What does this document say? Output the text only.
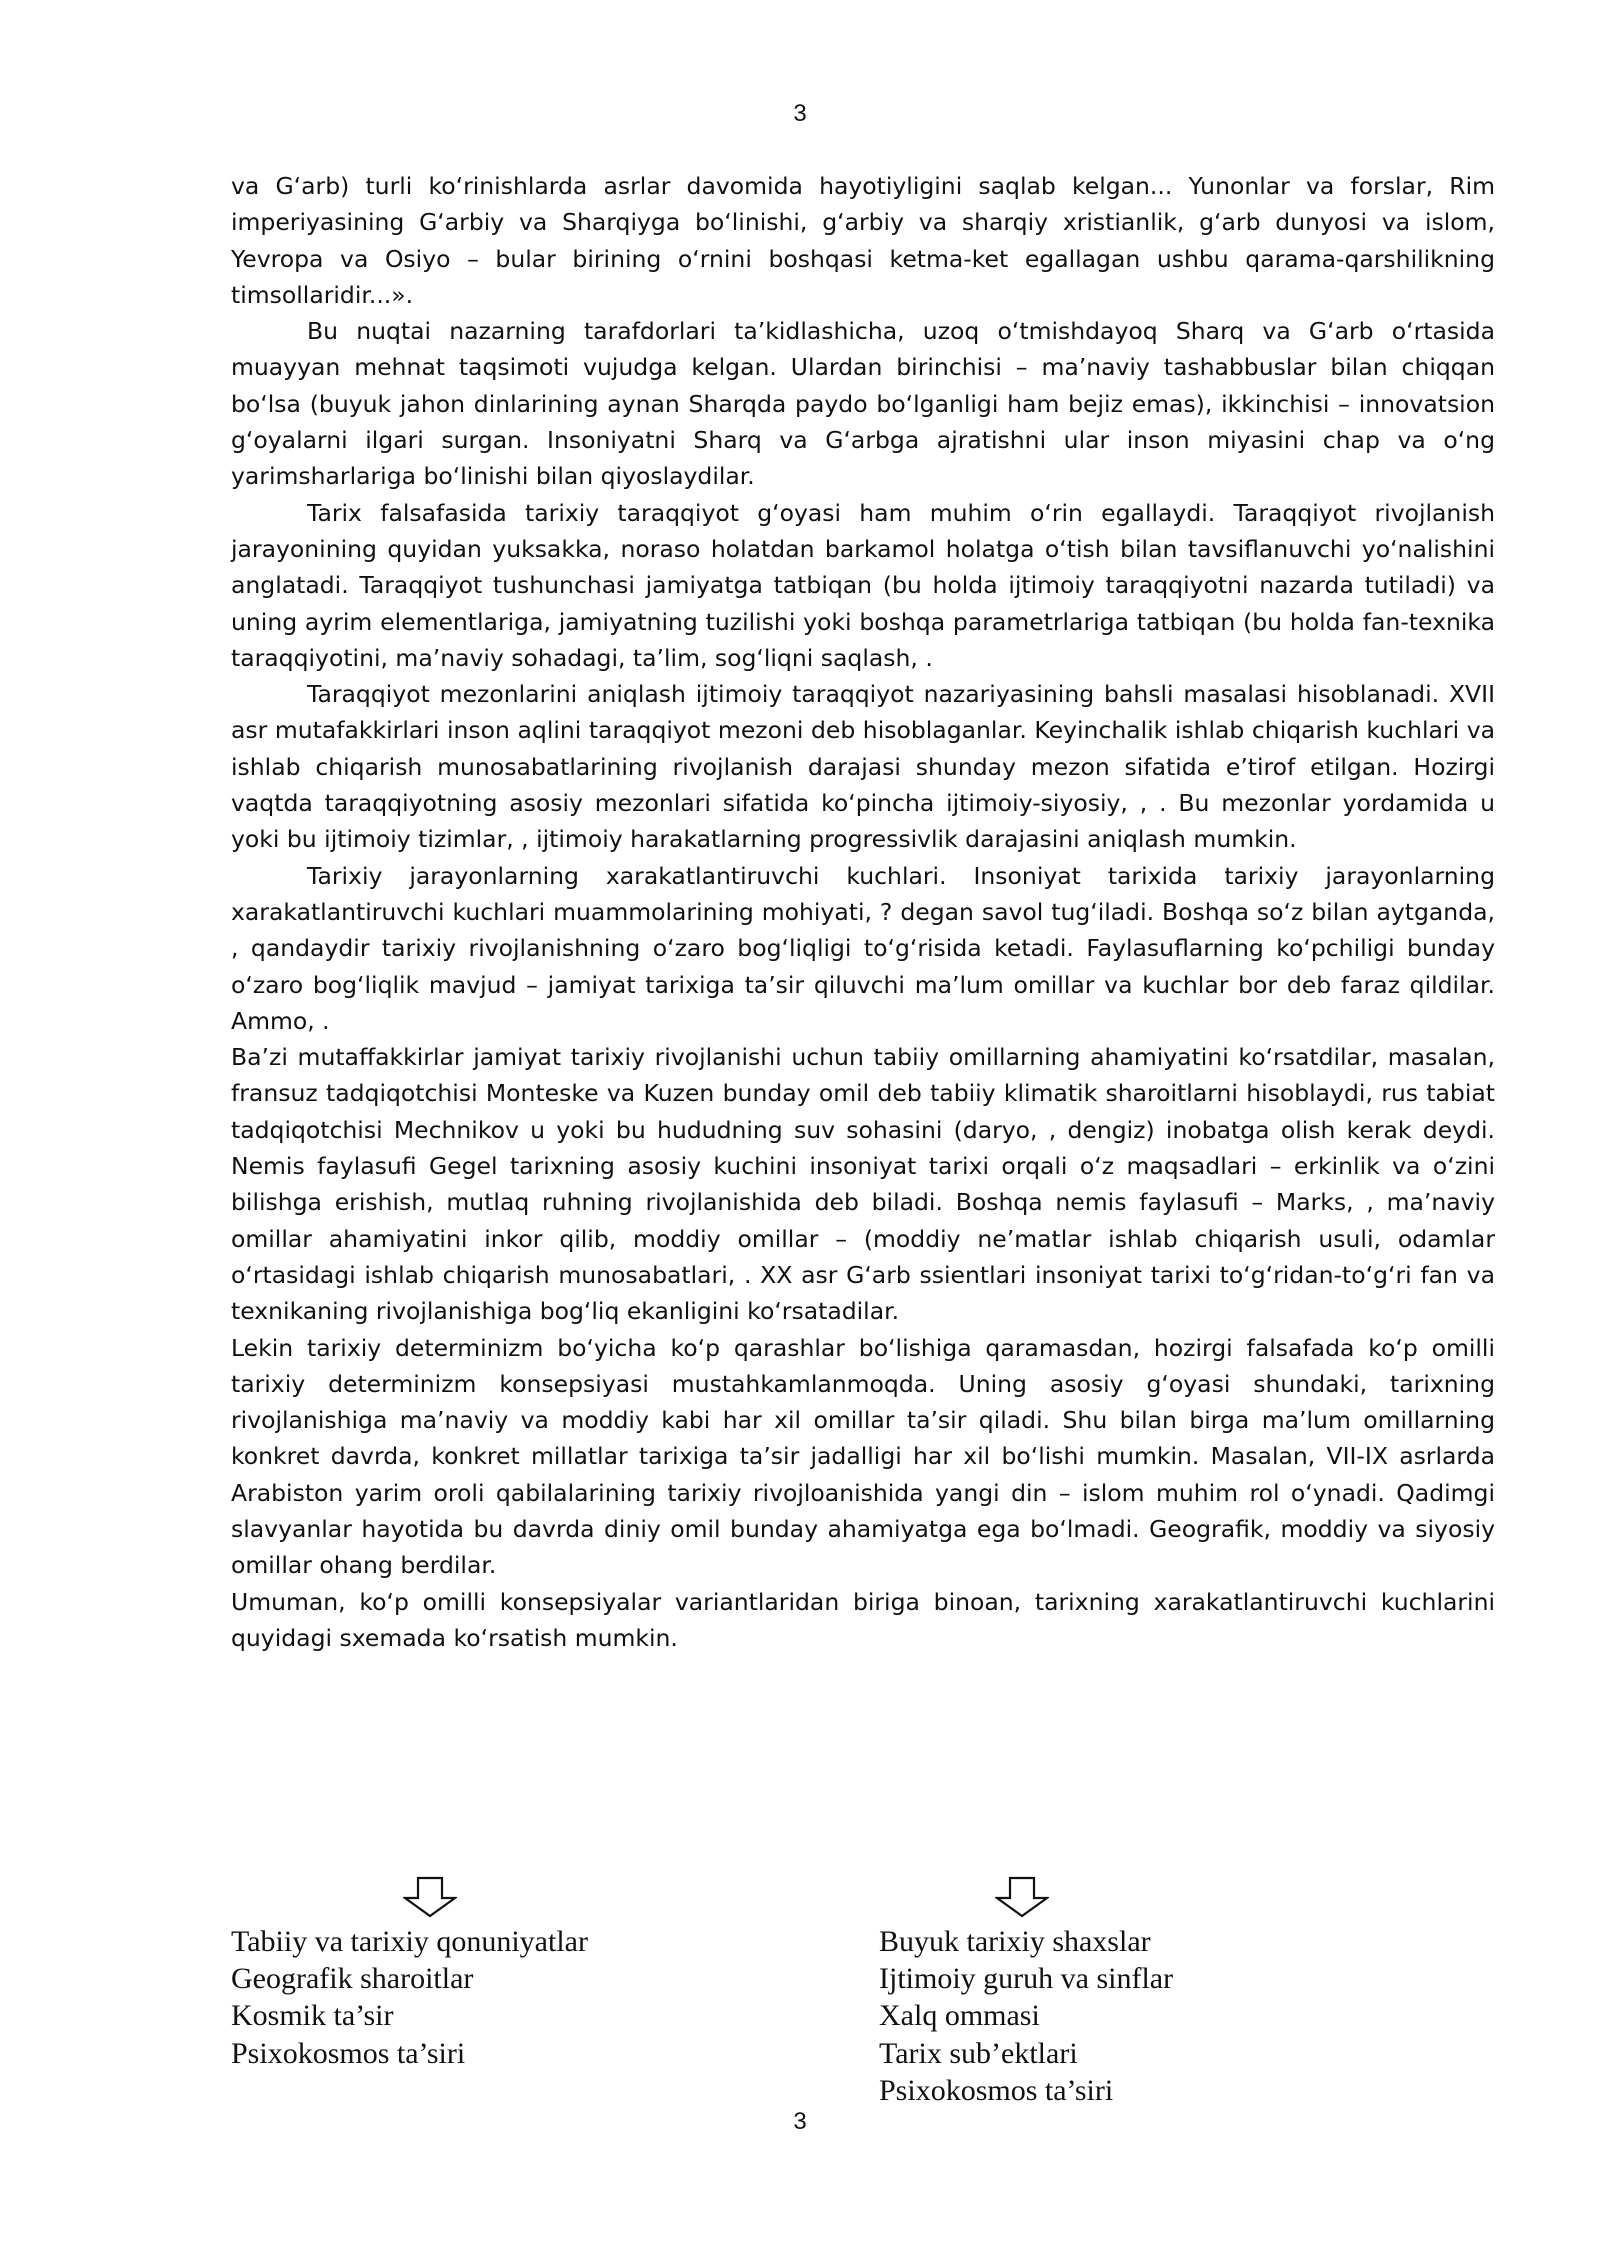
3

va G‘arb) turli ko‘rinishlarda asrlar davomida hayotiyligini saqlab kelgan... Yunonlar va forslar, Rim imperiyasining G‘arbiy va Sharqiyga bo‘linishi, g‘arbiy va sharqiy xristianlik, g‘arb dunyosi va islom, Yevropa va Osiyo – bular birining o‘rnini boshqasi ketma-ket egallagan ushbu qarama-qarshilikning timsollaridir...».

Bu nuqtai nazarning tarafdorlari ta’kidlashicha, uzoq o‘tmishdayoq Sharq va G‘arb o‘rtasida muayyan mehnat taqsimoti vujudga kelgan. Ulardan birinchisi – ma’naviy tashabbuslar bilan chiqqan bo‘lsa (buyuk jahon dinlarining aynan Sharqda paydo bo‘lganligi ham bejiz emas), ikkinchisi – innovatsion g‘oyalarni ilgari surgan. Insoniyatni Sharq va G‘arbga ajratishni ular inson miyasini chap va o‘ng yarimsharlariga bo‘linishi bilan qiyoslaydilar.

Tarix falsafasida tarixiy taraqqiyot g‘oyasi ham muhim o‘rin egallaydi. Taraqqiyot rivojlanish jarayonining quyidan yuksakka, noraso holatdan barkamol holatga o‘tish bilan tavsiflanuvchi yo‘nalishini anglatadi. Taraqqiyot tushunchasi jamiyatga tatbiqan (bu holda ijtimoiy taraqqiyotni nazarda tutiladi) va uning ayrim elementlariga, jamiyatning tuzilishi yoki boshqa parametrlariga tatbiqan (bu holda fan-texnika taraqqiyotini, ma’naviy sohadagi, ta’lim, sog‘liqni saqlash, .

Taraqqiyot mezonlarini aniqlash ijtimoiy taraqqiyot nazariyasining bahsli masalasi hisoblanadi. XVII asr mutafakkirlari inson aqlini taraqqiyot mezoni deb hisoblaganlar. Keyinchalik ishlab chiqarish kuchlari va ishlab chiqarish munosabatlarining rivojlanish darajasi shunday mezon sifatida e’tirof etilgan. Hozirgi vaqtda taraqqiyotning asosiy mezonlari sifatida ko‘pincha ijtimoiy-siyosiy, , . Bu mezonlar yordamida u yoki bu ijtimoiy tizimlar, , ijtimoiy harakatlarning progressivlik darajasini aniqlash mumkin.

Tarixiy jarayonlarning xarakatlantiruvchi kuchlari. Insoniyat tarixida tarixiy jarayonlarning xarakatlantiruvchi kuchlari muammolarining mohiyati, ? degan savol tug‘iladi. Boshqa so‘z bilan aytganda, , qandaydir tarixiy rivojlanishning o‘zaro bog‘liqligi to‘g‘risida ketadi. Faylasuflarning ko‘pchiligi bunday o‘zaro bog‘liqlik mavjud – jamiyat tarixiga ta’sir qiluvchi ma’lum omillar va kuchlar bor deb faraz qildilar. Ammo, .

Ba’zi mutaffakkirlar jamiyat tarixiy rivojlanishi uchun tabiiy omillarning ahamiyatini ko‘rsatdilar, masalan, fransuz tadqiqotchisi Monteske va Kuzen bunday omil deb tabiiy klimatik sharoitlarni hisoblaydi, rus tabiat tadqiqotchisi Mechnikov u yoki bu hududning suv sohasini (daryo, , dengiz) inobatga olish kerak deydi. Nemis faylasufi Gegel tarixning asosiy kuchini insoniyat tarixi orqali o‘z maqsadlari – erkinlik va o‘zini bilishga erishish, mutlaq ruhning rivojlanishida deb biladi. Boshqa nemis faylasufi – Marks, , ma’naviy omillar ahamiyatini inkor qilib, moddiy omillar – (moddiy ne’matlar ishlab chiqarish usuli, odamlar o‘rtasidagi ishlab chiqarish munosabatlari, . XX asr G‘arb ssientlari insoniyat tarixi to‘g‘ridan-to‘g‘ri fan va texnikaning rivojlanishiga bog‘liq ekanligini ko‘rsatadilar.

Lekin tarixiy determinizm bo‘yicha ko‘p qarashlar bo‘lishiga qaramasdan, hozirgi falsafada ko‘p omilli tarixiy determinizm konsepsiyasi mustahkamlanmoqda. Uning asosiy g‘oyasi shundaki, tarixning rivojlanishiga ma’naviy va moddiy kabi har xil omillar ta’sir qiladi. Shu bilan birga ma’lum omillarning konkret davrda, konkret millatlar tarixiga ta’sir jadalligi har xil bo‘lishi mumkin. Masalan, VII-IX asrlarda Arabiston yarim oroli qabilalarining tarixiy rivojloanishida yangi din – islom muhim rol o‘ynadi. Qadimgi slavyanlar hayotida bu davrda diniy omil bunday ahamiyatga ega bo‘lmadi. Geografik, moddiy va siyosiy omillar ohang berdilar.

Umuman, ko‘p omilli konsepsiyalar variantlaridan biriga binoan, tarixning xarakatlantiruvchi kuchlarini quyidagi sxemada ko‘rsatish mumkin.

Tabiiy va tarixiy qonuniyatlar
Geografik sharoitlar
Kosmik ta’sir
Psixokosmos ta’siri
Buyuk tarixiy shaxslar
Ijtimoiy guruh va sinflar
Xalq ommasi
Tarix sub’ektlari
Psixokosmos ta’siri
3
